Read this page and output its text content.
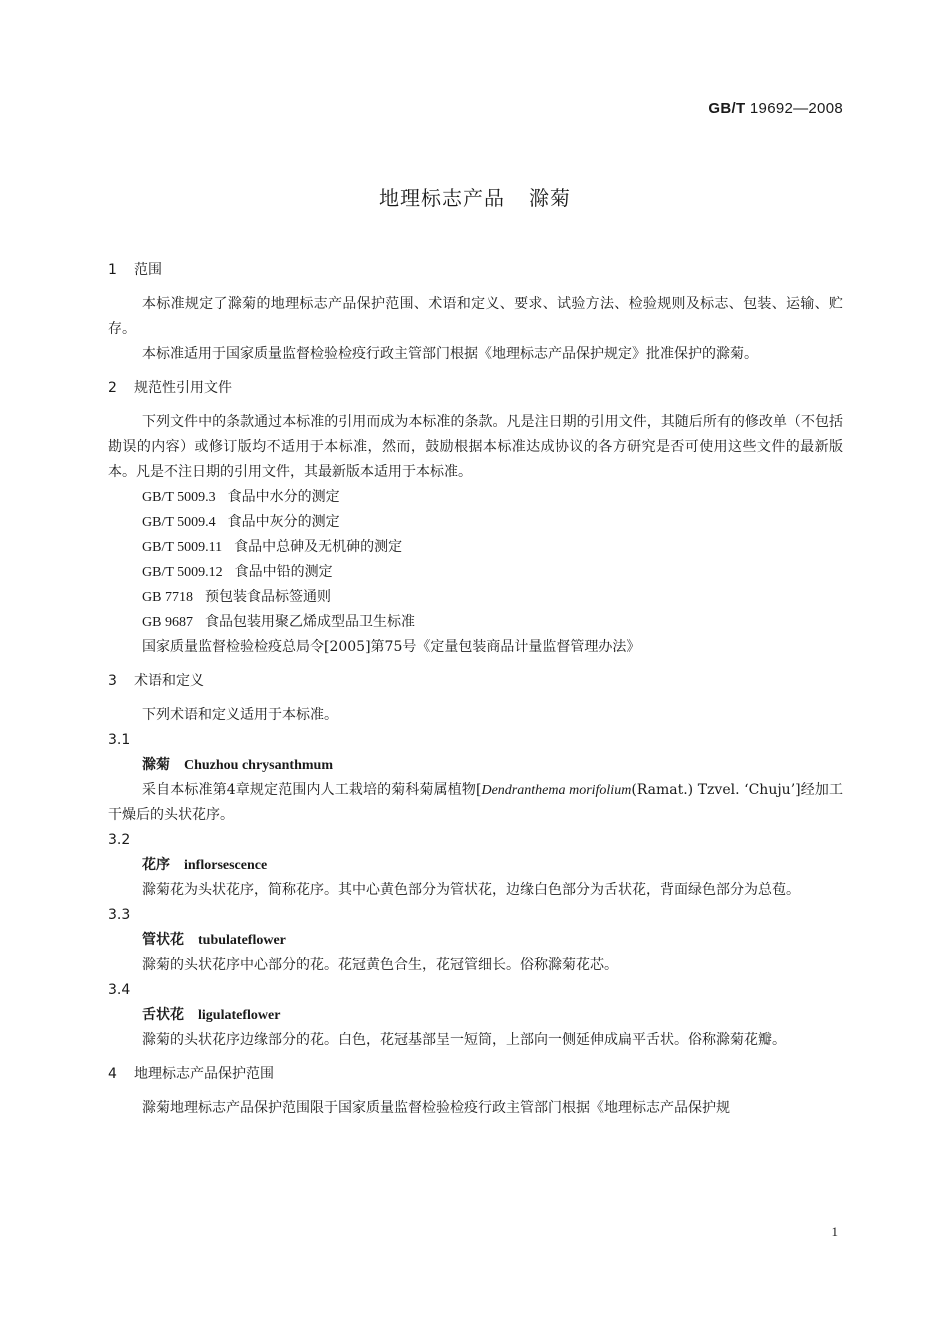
GB/T 19692—2008
地理标志产品 滁菊
1 范围

本标准规定了滁菊的地理标志产品保护范围、术语和定义、要求、试验方法、检验规则及标志、包装、运输、贮存。

本标准适用于国家质量监督检验检疫行政主管部门根据《地理标志产品保护规定》批准保护的滁菊。

2 规范性引用文件

下列文件中的条款通过本标准的引用而成为本标准的条款。凡是注日期的引用文件，其随后所有的修改单（不包括勘误的内容）或修订版均不适用于本标准，然而，鼓励根据本标准达成协议的各方研究是否可使用这些文件的最新版本。凡是不注日期的引用文件，其最新版本适用于本标准。

GB/T 5009.3 食品中水分的测定

GB/T 5009.4 食品中灰分的测定

GB/T 5009.11 食品中总砷及无机砷的测定

GB/T 5009.12 食品中铅的测定

GB 7718 预包装食品标签通则

GB 9687 食品包装用聚乙烯成型品卫生标准

国家质量监督检验检疫总局令[2005]第75号《定量包装商品计量监督管理办法》

3 术语和定义

下列术语和定义适用于本标准。

3.1

滁菊 Chuzhou chrysanthmum

采自本标准第4章规定范围内人工栽培的菊科菊属植物[Dendranthema morifolium(Ramat.) Tzvel. ‘Chuju’]经加工干燥后的头状花序。

3.2

花序 inflorsescence

滁菊花为头状花序，简称花序。其中心黄色部分为管状花，边缘白色部分为舌状花，背面绿色部分为总苞。

3.3

管状花 tubulateflower

滁菊的头状花序中心部分的花。花冠黄色合生，花冠管细长。俗称滁菊花芯。

3.4

舌状花 ligulateflower

滁菊的头状花序边缘部分的花。白色，花冠基部呈一短筒，上部向一侧延伸成扁平舌状。俗称滁菊花瓣。

4 地理标志产品保护范围

滁菊地理标志产品保护范围限于国家质量监督检验检疫行政主管部门根据《地理标志产品保护规

1
